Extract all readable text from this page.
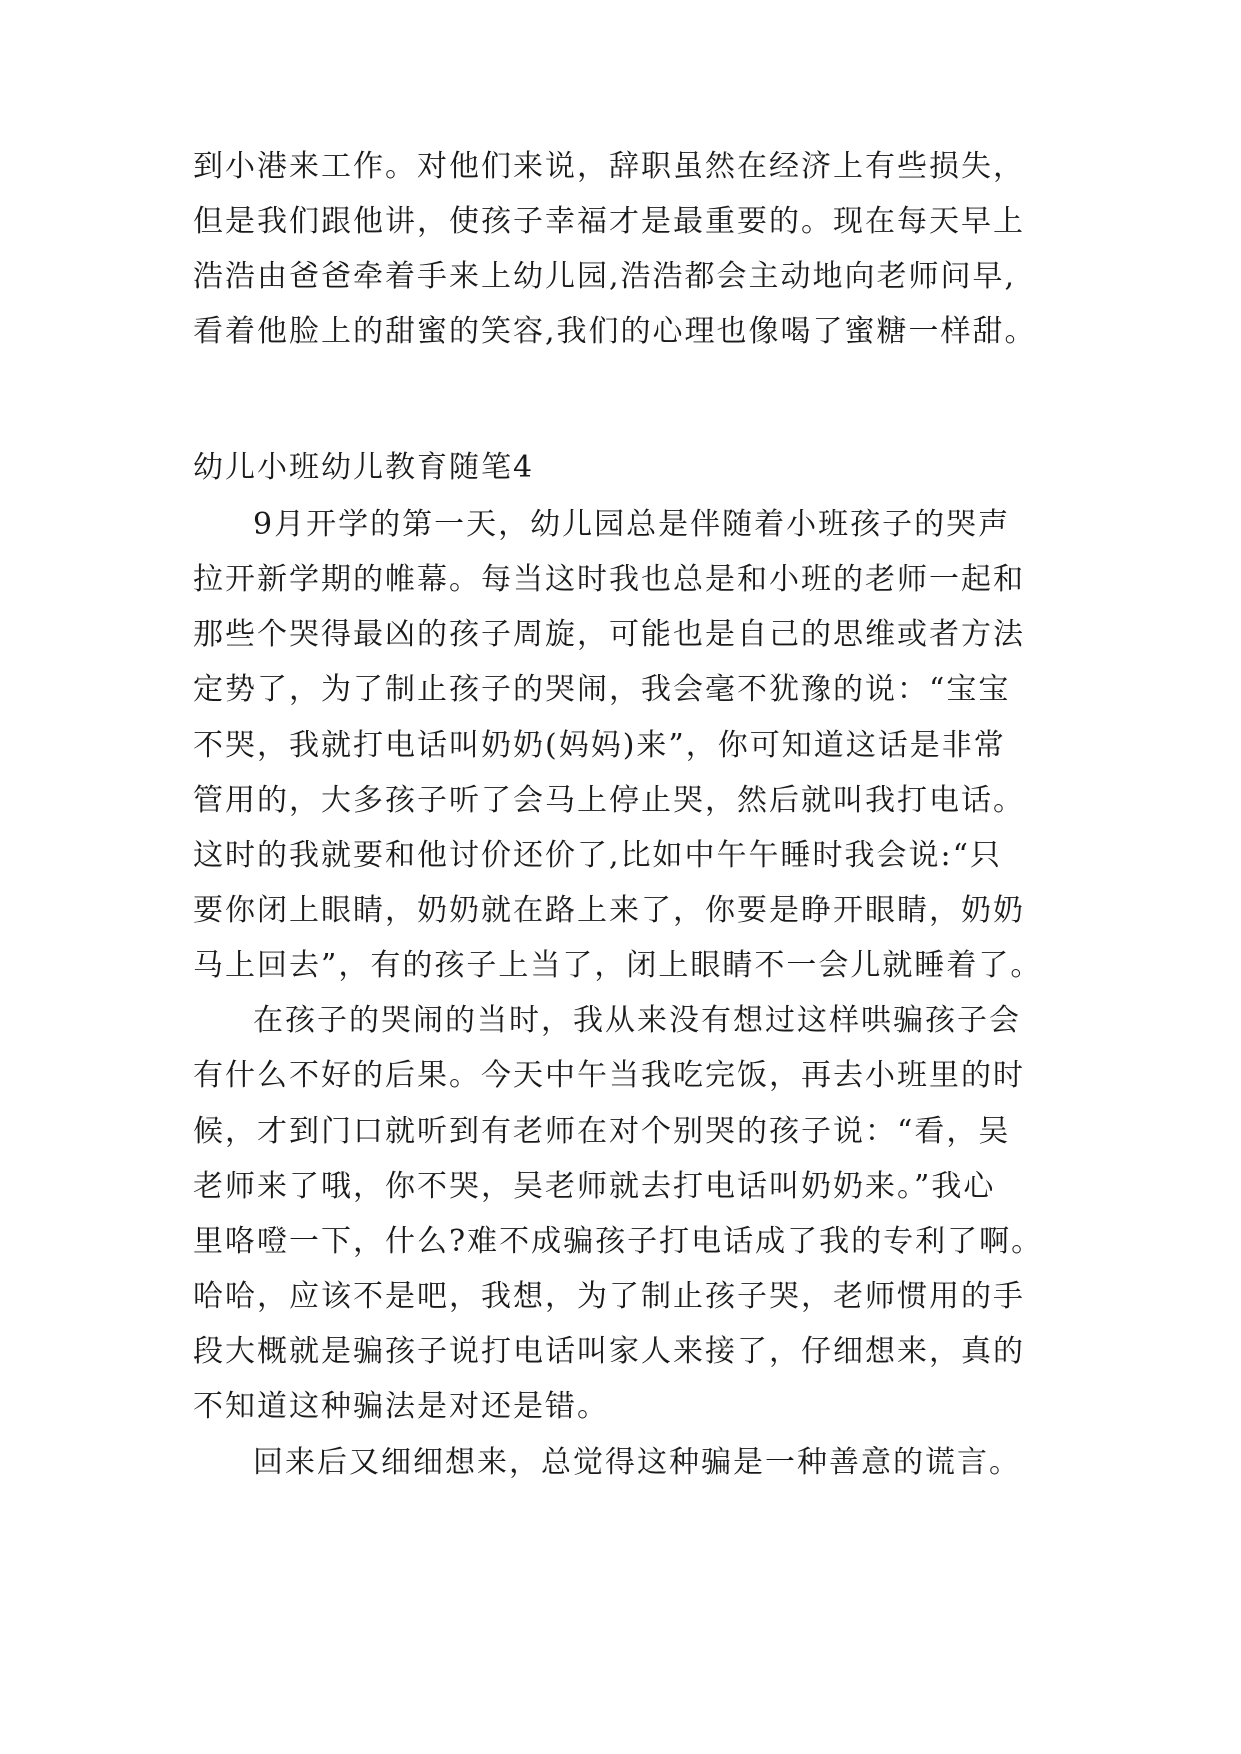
到小港来工作。对他们来说，辞职虽然在经济上有些损失，
但是我们跟他讲，使孩子幸福才是最重要的。现在每天早上
浩浩由爸爸牵着手来上幼儿园,浩浩都会主动地向老师问早,
看着他脸上的甜蜜的笑容,我们的心理也像喝了蜜糖一样甜。
幼儿小班幼儿教育随笔4
9月开学的第一天，幼儿园总是伴随着小班孩子的哭声
拉开新学期的帷幕。每当这时我也总是和小班的老师一起和
那些个哭得最凶的孩子周旋，可能也是自己的思维或者方法
定势了，为了制止孩子的哭闹，我会毫不犹豫的说：“宝宝
不哭，我就打电话叫奶奶(妈妈)来”，你可知道这话是非常
管用的，大多孩子听了会马上停止哭，然后就叫我打电话。
这时的我就要和他讨价还价了,比如中午午睡时我会说:“只
要你闭上眼睛，奶奶就在路上来了，你要是睁开眼睛，奶奶
马上回去”，有的孩子上当了，闭上眼睛不一会儿就睡着了。
在孩子的哭闹的当时，我从来没有想过这样哄骗孩子会
有什么不好的后果。今天中午当我吃完饭，再去小班里的时
候，才到门口就听到有老师在对个别哭的孩子说：“看，吴
老师来了哦，你不哭，吴老师就去打电话叫奶奶来。”我心
里咯噔一下，什么?难不成骗孩子打电话成了我的专利了啊。
哈哈，应该不是吧，我想，为了制止孩子哭，老师惯用的手
段大概就是骗孩子说打电话叫家人来接了，仔细想来，真的
不知道这种骗法是对还是错。
回来后又细细想来，总觉得这种骗是一种善意的谎言。
